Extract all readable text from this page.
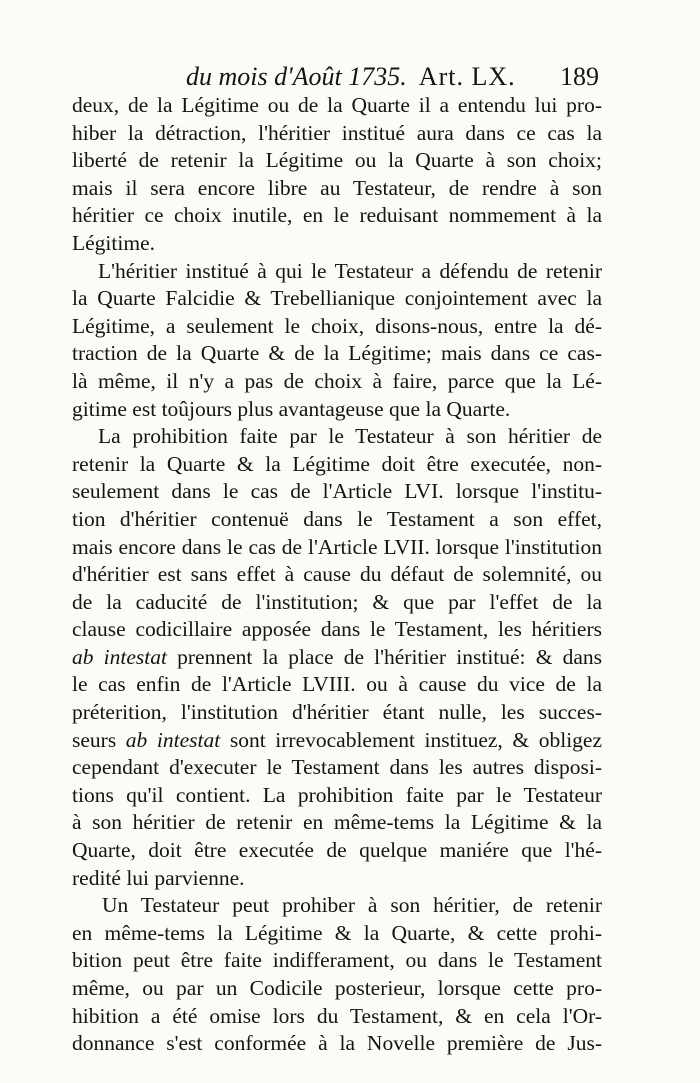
du mois d'Août 1735. Art. LX. 189
deux, de la Légitime ou de la Quarte il a entendu lui pro-
hiber la détraction, l'héritier institué aura dans ce cas la
liberté de retenir la Légitime ou la Quarte à son choix;
mais il sera encore libre au Testateur, de rendre à son
héritier ce choix inutile, en le reduisant nommement à la
Légitime.
L'héritier institué à qui le Testateur a défendu de retenir
la Quarte Falcidie & Trebellianique conjointement avec la
Légitime, a seulement le choix, disons-nous, entre la dé-
traction de la Quarte & de la Légitime; mais dans ce cas-
là même, il n'y a pas de choix à faire, parce que la Lé-
gitime est toûjours plus avantageuse que la Quarte.
La prohibition faite par le Testateur à son héritier de
retenir la Quarte & la Légitime doit être executée, non-
seulement dans le cas de l'Article LVI. lorsque l'institu-
tion d'héritier contenuë dans le Testament a son effet,
mais encore dans le cas de l'Article LVII. lorsque l'institution
d'héritier est sans effet à cause du défaut de solemnité, ou
de la caducité de l'institution; & que par l'effet de la
clause codicillaire apposée dans le Testament, les héritiers
ab intestat prennent la place de l'héritier institué: & dans
le cas enfin de l'Article LVIII. ou à cause du vice de la
préterition, l'institution d'héritier étant nulle, les succes-
seurs ab intestat sont irrevocablement instituez, & obligez
cependant d'executer le Testament dans les autres disposi-
tions qu'il contient. La prohibition faite par le Testateur
à son héritier de retenir en même-tems la Légitime & la
Quarte, doit être executée de quelque maniére que l'hé-
redité lui parvienne.
Un Testateur peut prohiber à son héritier, de retenir
en même-tems la Légitime & la Quarte, & cette prohi-
bition peut être faite indifferament, ou dans le Testament
même, ou par un Codicile posterieur, lorsque cette pro-
hibition a été omise lors du Testament, & en cela l'Or-
donnance s'est conformée à la Novelle première de Jus-
